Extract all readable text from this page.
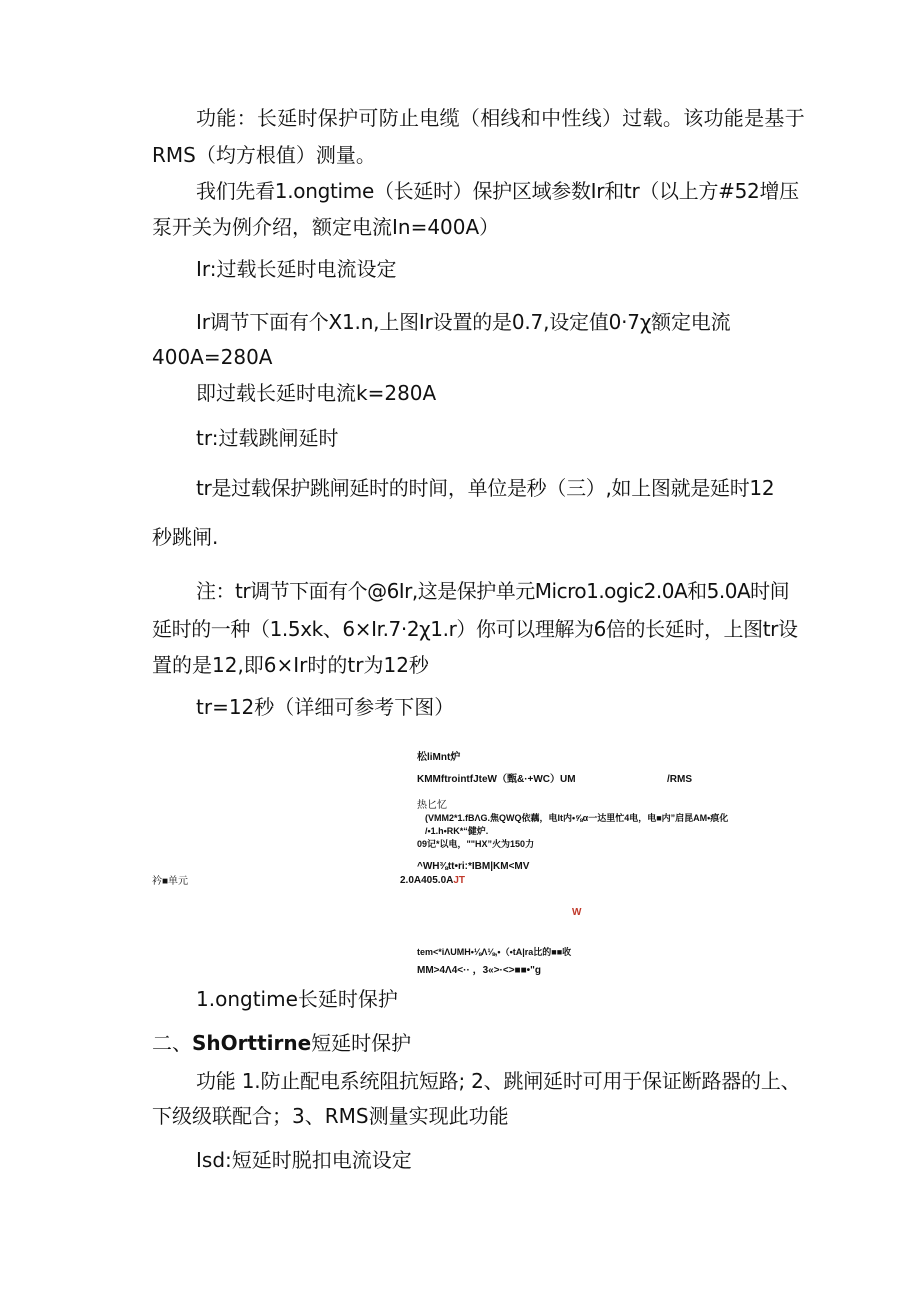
功能：长延时保护可防止电缆（相线和中性线）过载。该功能是基于
RMS（均方根值）测量。
我们先看1.ongtime（长延时）保护区域参数Ir和tr（以上方#52增压
泵开关为例介绍，额定电流In=400A）
Ir:过载长延时电流设定
Ir调节下面有个X1.n,上图Ir设置的是0.7,设定值0·7χ额定电流
400A=280A
即过载长延时电流k=280A
tr:过载跳闸延时
tr是过载保护跳闸延时的时间，单位是秒（三）,如上图就是延时12
秒跳闸.
注：tr调节下面有个@6Ir,这是保护单元Micro1.ogic2.0A和5.0A时间
延时的一种（1.5xk、6×Ir.7·2χ1.r）你可以理解为6倍的长延时，上图tr设
置的是12,即6×Ir时的tr为12秒
tr=12秒（详细可参考下图）
松liMnt炉
KMMftrointfJteW（甄&·+WC）UM	/RMS
热匕忆
(VMM2*1.fBΛG.焦QWQ依藕，电It内•⅝α一达里忙4电，电■内”启昆AM•痕化
/•1.h•RK*“健炉.
09记*以电，""HX”火为150力
^WH⅜tt•ri:*IBM|KM<MV
衿■单元	2.0A405.0AJT
W
tem<*iΛUMH•⅛Λ⅛,•（•tA|ra比的■■收
MM>4Λ4<·· ，3«>·<>■■•"g
1.ongtime长延时保护
二、ShOrttirne短延时保护
功能 1.防止配电系统阻抗短路; 2、跳闸延时可用于保证断路器的上、
下级级联配合；3、RMS测量实现此功能
Isd:短延时脱扣电流设定
